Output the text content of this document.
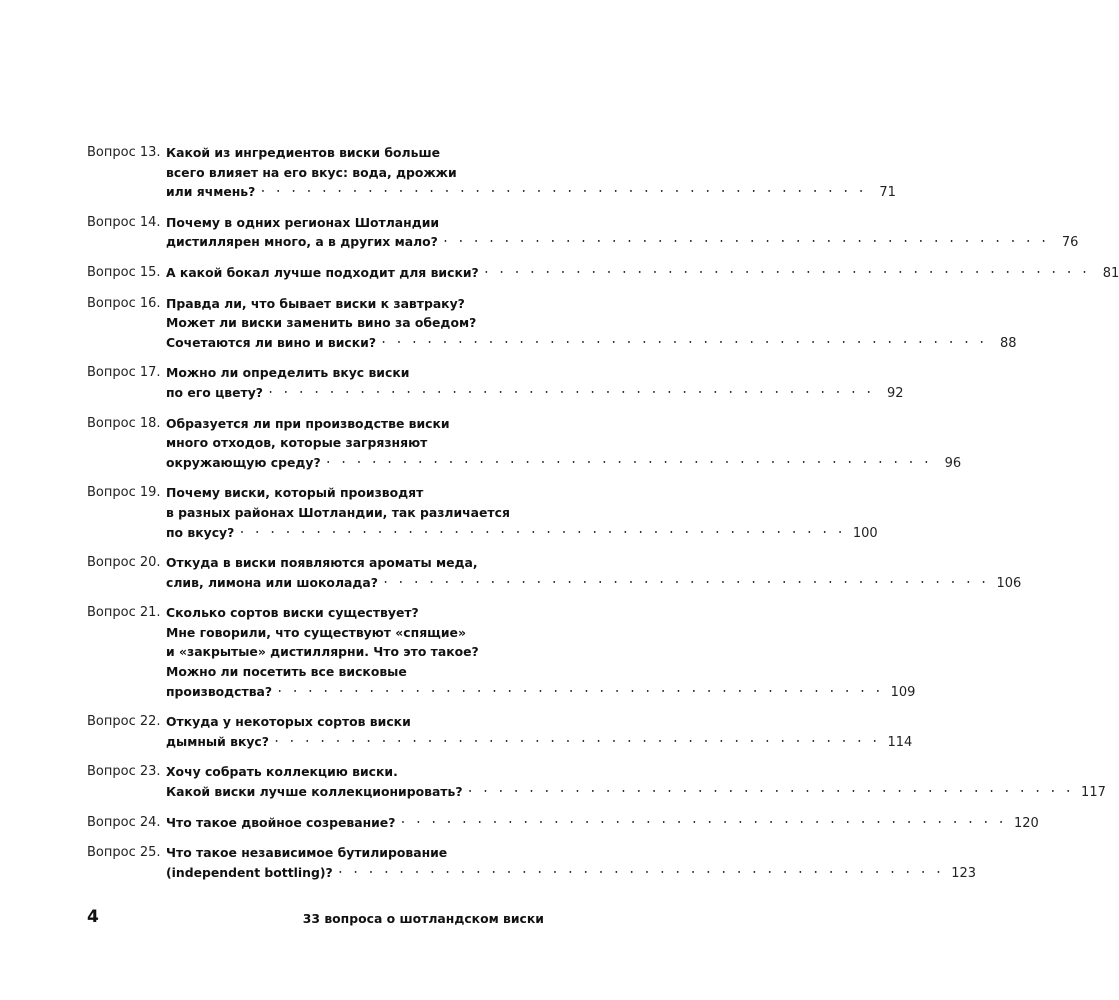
Вопрос 13. Какой из ингредиентов виски больше
всего влияет на его вкус: вода, дрожжи
или ячмень? • • •	71
Вопрос 14. Почему в одних регионах Шотландии
дистиллярен много, а в других мало? • • •	76
Вопрос 15. А какой бокал лучше подходит для виски? • • •	81
Вопрос 16. Правда ли, что бывает виски к завтраку?
Может ли виски заменить вино за обедом?
Сочетаются ли вино и виски? • • •	88
Вопрос 17. Можно ли определить вкус виски
по его цвету? • • •	92
Вопрос 18. Образуется ли при производстве виски
много отходов, которые загрязняют
окружающую среду? • • •	96
Вопрос 19. Почему виски, который производят
в разных районах Шотландии, так различается
по вкусу? • • •	100
Вопрос 20. Откуда в виски появляются ароматы меда,
слив, лимона или шоколада? • • •	106
Вопрос 21. Сколько сортов виски существует?
Мне говорили, что существуют «спящие»
и «закрытые» дистиллярни. Что это такое?
Можно ли посетить все висковые
производства? • • •	109
Вопрос 22. Откуда у некоторых сортов виски
дымный вкус? • • •	114
Вопрос 23. Хочу собрать коллекцию виски.
Какой виски лучше коллекционировать? • • •	117
Вопрос 24. Что такое двойное созревание? • • •	120
Вопрос 25. Что такое независимое бутилирование
(independent bottling)? • • •	123
4	33 вопроса о шотландском виски
